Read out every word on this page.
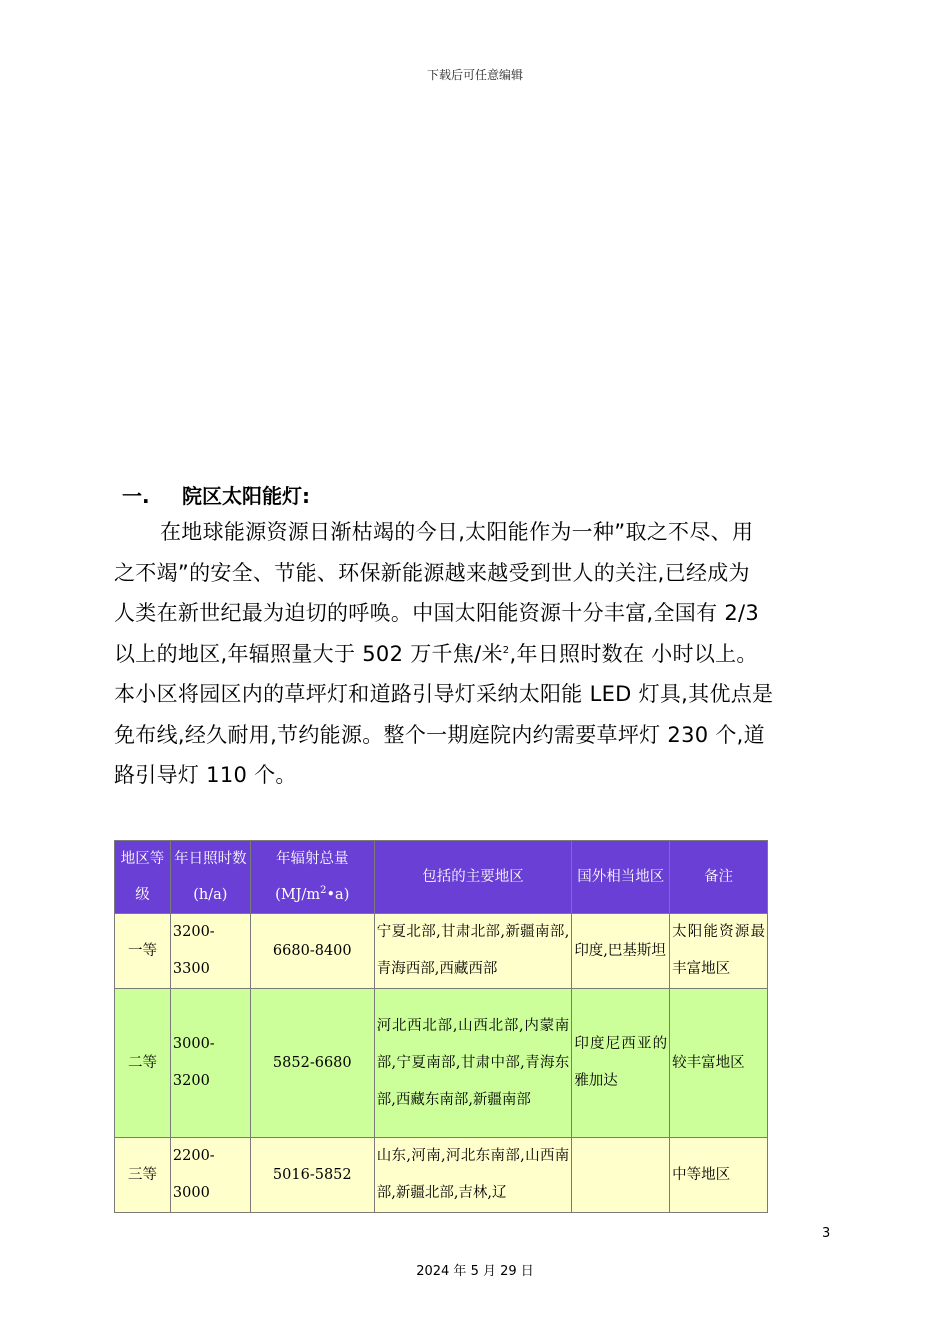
下载后可任意编辑
一. 院区太阳能灯:

在地球能源资源日渐枯竭的今日,太阳能作为一种”取之不尽、用
之不竭”的安全、节能、环保新能源越来越受到世人的关注,已经成为
人类在新世纪最为迫切的呼唤。中国太阳能资源十分丰富,全国有 2/3
以上的地区,年辐照量大于 502 万千焦/米$^2$,年日照时数在 小时以上。
本小区将园区内的草坪灯和道路引导灯采纳太阳能 LED 灯具,其优点是
免布线,经久耐用,节约能源。整个一期庭院内约需要草坪灯 230 个,道
路引导灯 110 个。

地区等级	年日照时数(h/a)	年辐射总量$(MJ/m^2•a)$	包括的主要地区	国外相当地区	备注
一等	3200-3300	6680-8400	宁夏北部,甘肃北部,新疆南部,青海西部,西藏西部	印度,巴基斯坦	太阳能资源最丰富地区
二等	3000-3200	5852-6680	河北西北部,山西北部,内蒙南部,宁夏南部,甘肃中部,青海东部,西藏东南部,新疆南部	印度尼西亚的雅加达	较丰富地区
三等	2200-3000	5016-5852	山东,河南,河北东南部,山西南部,新疆北部,吉林,辽		中等地区
3
2024 年 5 月 29 日
